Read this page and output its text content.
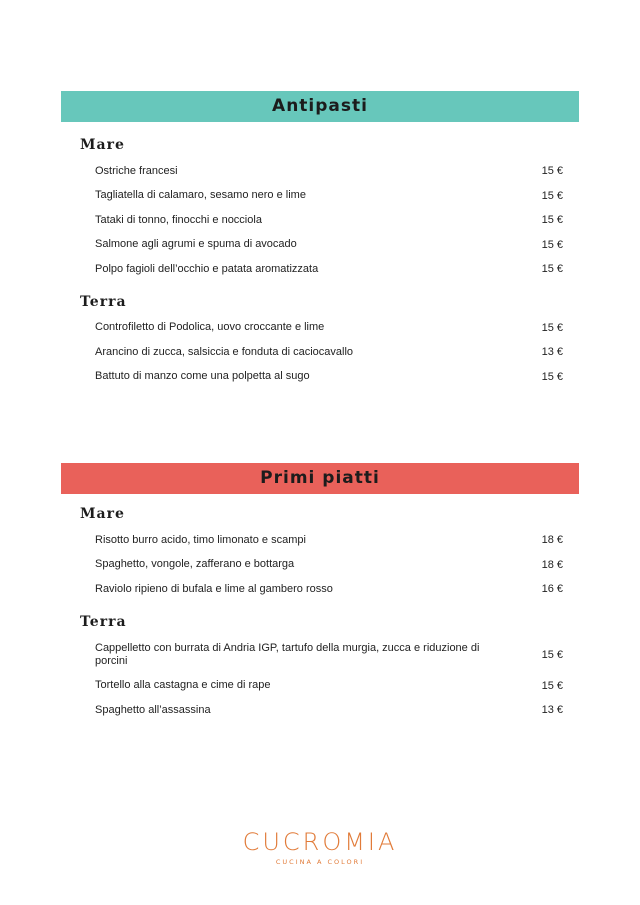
Antipasti
Mare
Ostriche francesi	15 €
Tagliatella di calamaro, sesamo nero e lime	15 €
Tataki di tonno, finocchi e nocciola	15 €
Salmone agli agrumi e spuma di avocado	15 €
Polpo fagioli dell’occhio e patata aromatizzata	15 €
Terra
Controfiletto di Podolica, uovo croccante e lime	15 €
Arancino di zucca, salsiccia e fonduta di caciocavallo	13 €
Battuto di manzo come una polpetta al sugo	15 €
Primi piatti
Mare
Risotto burro acido, timo limonato e scampi	18 €
Spaghetto, vongole, zafferano e bottarga	18 €
Raviolo ripieno di bufala e lime al gambero rosso	16 €
Terra
Cappelletto con burrata di Andria IGP, tartufo della murgia, zucca e riduzione di porcini	15 €
Tortello alla castagna e cime di rape	15 €
Spaghetto all’assassina	13 €
CUCROMIA
CUCINA A COLORI
